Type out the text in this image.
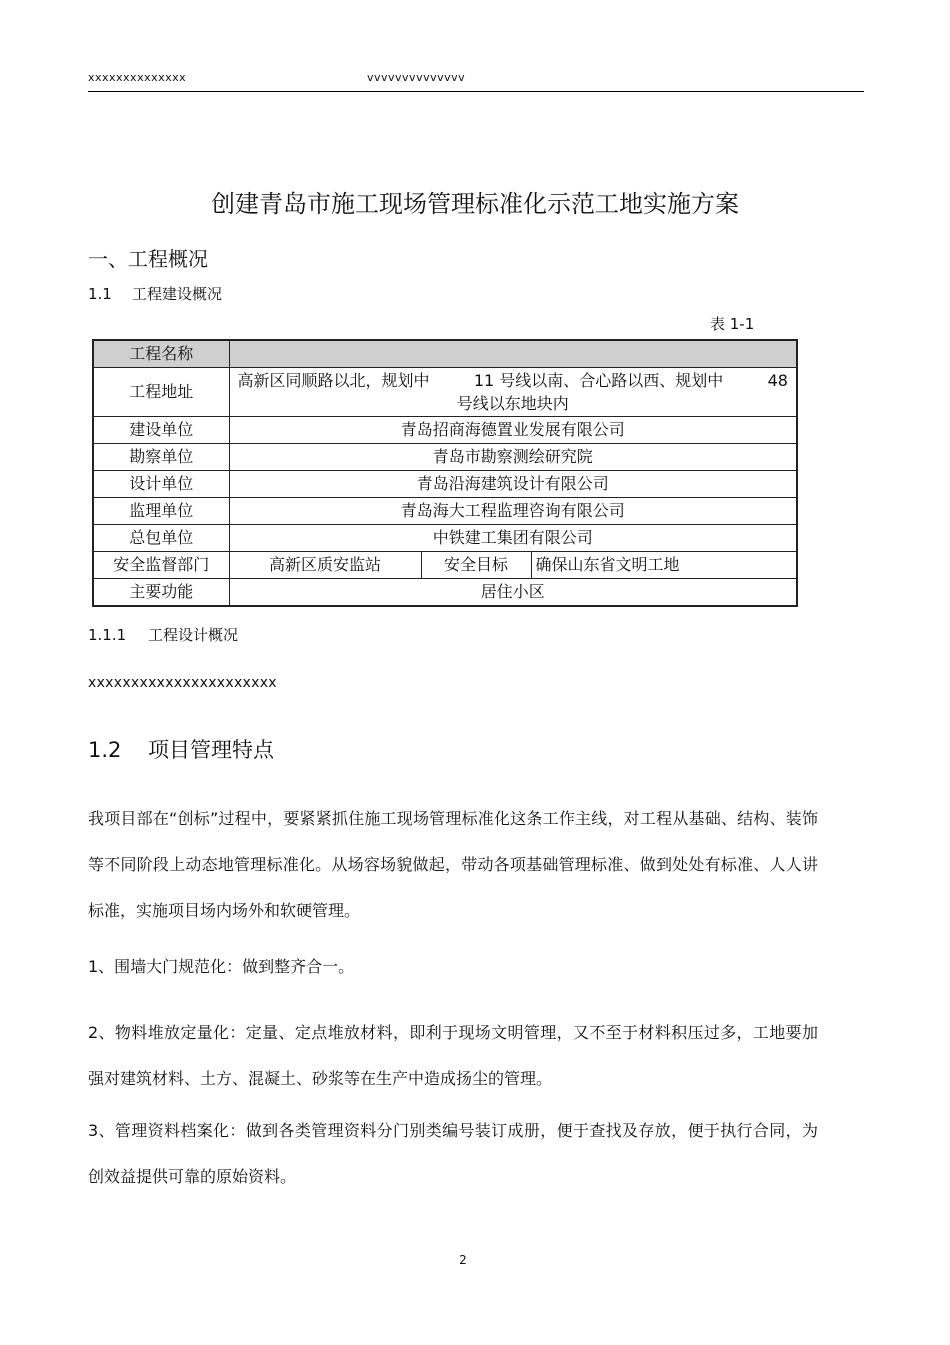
xxxxxxxxxxxxxx	vvvvvvvvvvvvvv
创建青岛市施工现场管理标准化示范工地实施方案
一、工程概况
1.1 工程建设概况
表 1-1
工程名称			
工程地址	高新区同顺路以北，规划中 11 号线以南、合心路以西、规划中 48
号线以东地块内		

建设单位	青岛招商海德置业发展有限公司		
勘察单位	青岛市勘察测绘研究院		
设计单位	青岛沿海建筑设计有限公司		
监理单位	青岛海大工程监理咨询有限公司		
总包单位	中铁建工集团有限公司		
安全监督部门	高新区质安监站	安全目标	确保山东省文明工地
主要功能	居住小区		
1.1.1 工程设计概况
xxxxxxxxxxxxxxxxxxxxxx
1.2 项目管理特点
我项目部在“创标”过程中，要紧紧抓住施工现场管理标准化这条工作主线，对工程从基础、结构、装饰等不同阶段上动态地管理标准化。从场容场貌做起，带动各项基础管理标准、做到处处有标准、人人讲标准，实施项目场内场外和软硬管理。
1、围墙大门规范化：做到整齐合一。
2、物料堆放定量化：定量、定点堆放材料，即利于现场文明管理，又不至于材料积压过多，工地要加强对建筑材料、土方、混凝土、砂浆等在生产中造成扬尘的管理。
3、管理资料档案化：做到各类管理资料分门别类编号装订成册，便于查找及存放，便于执行合同，为创效益提供可靠的原始资料。
2
